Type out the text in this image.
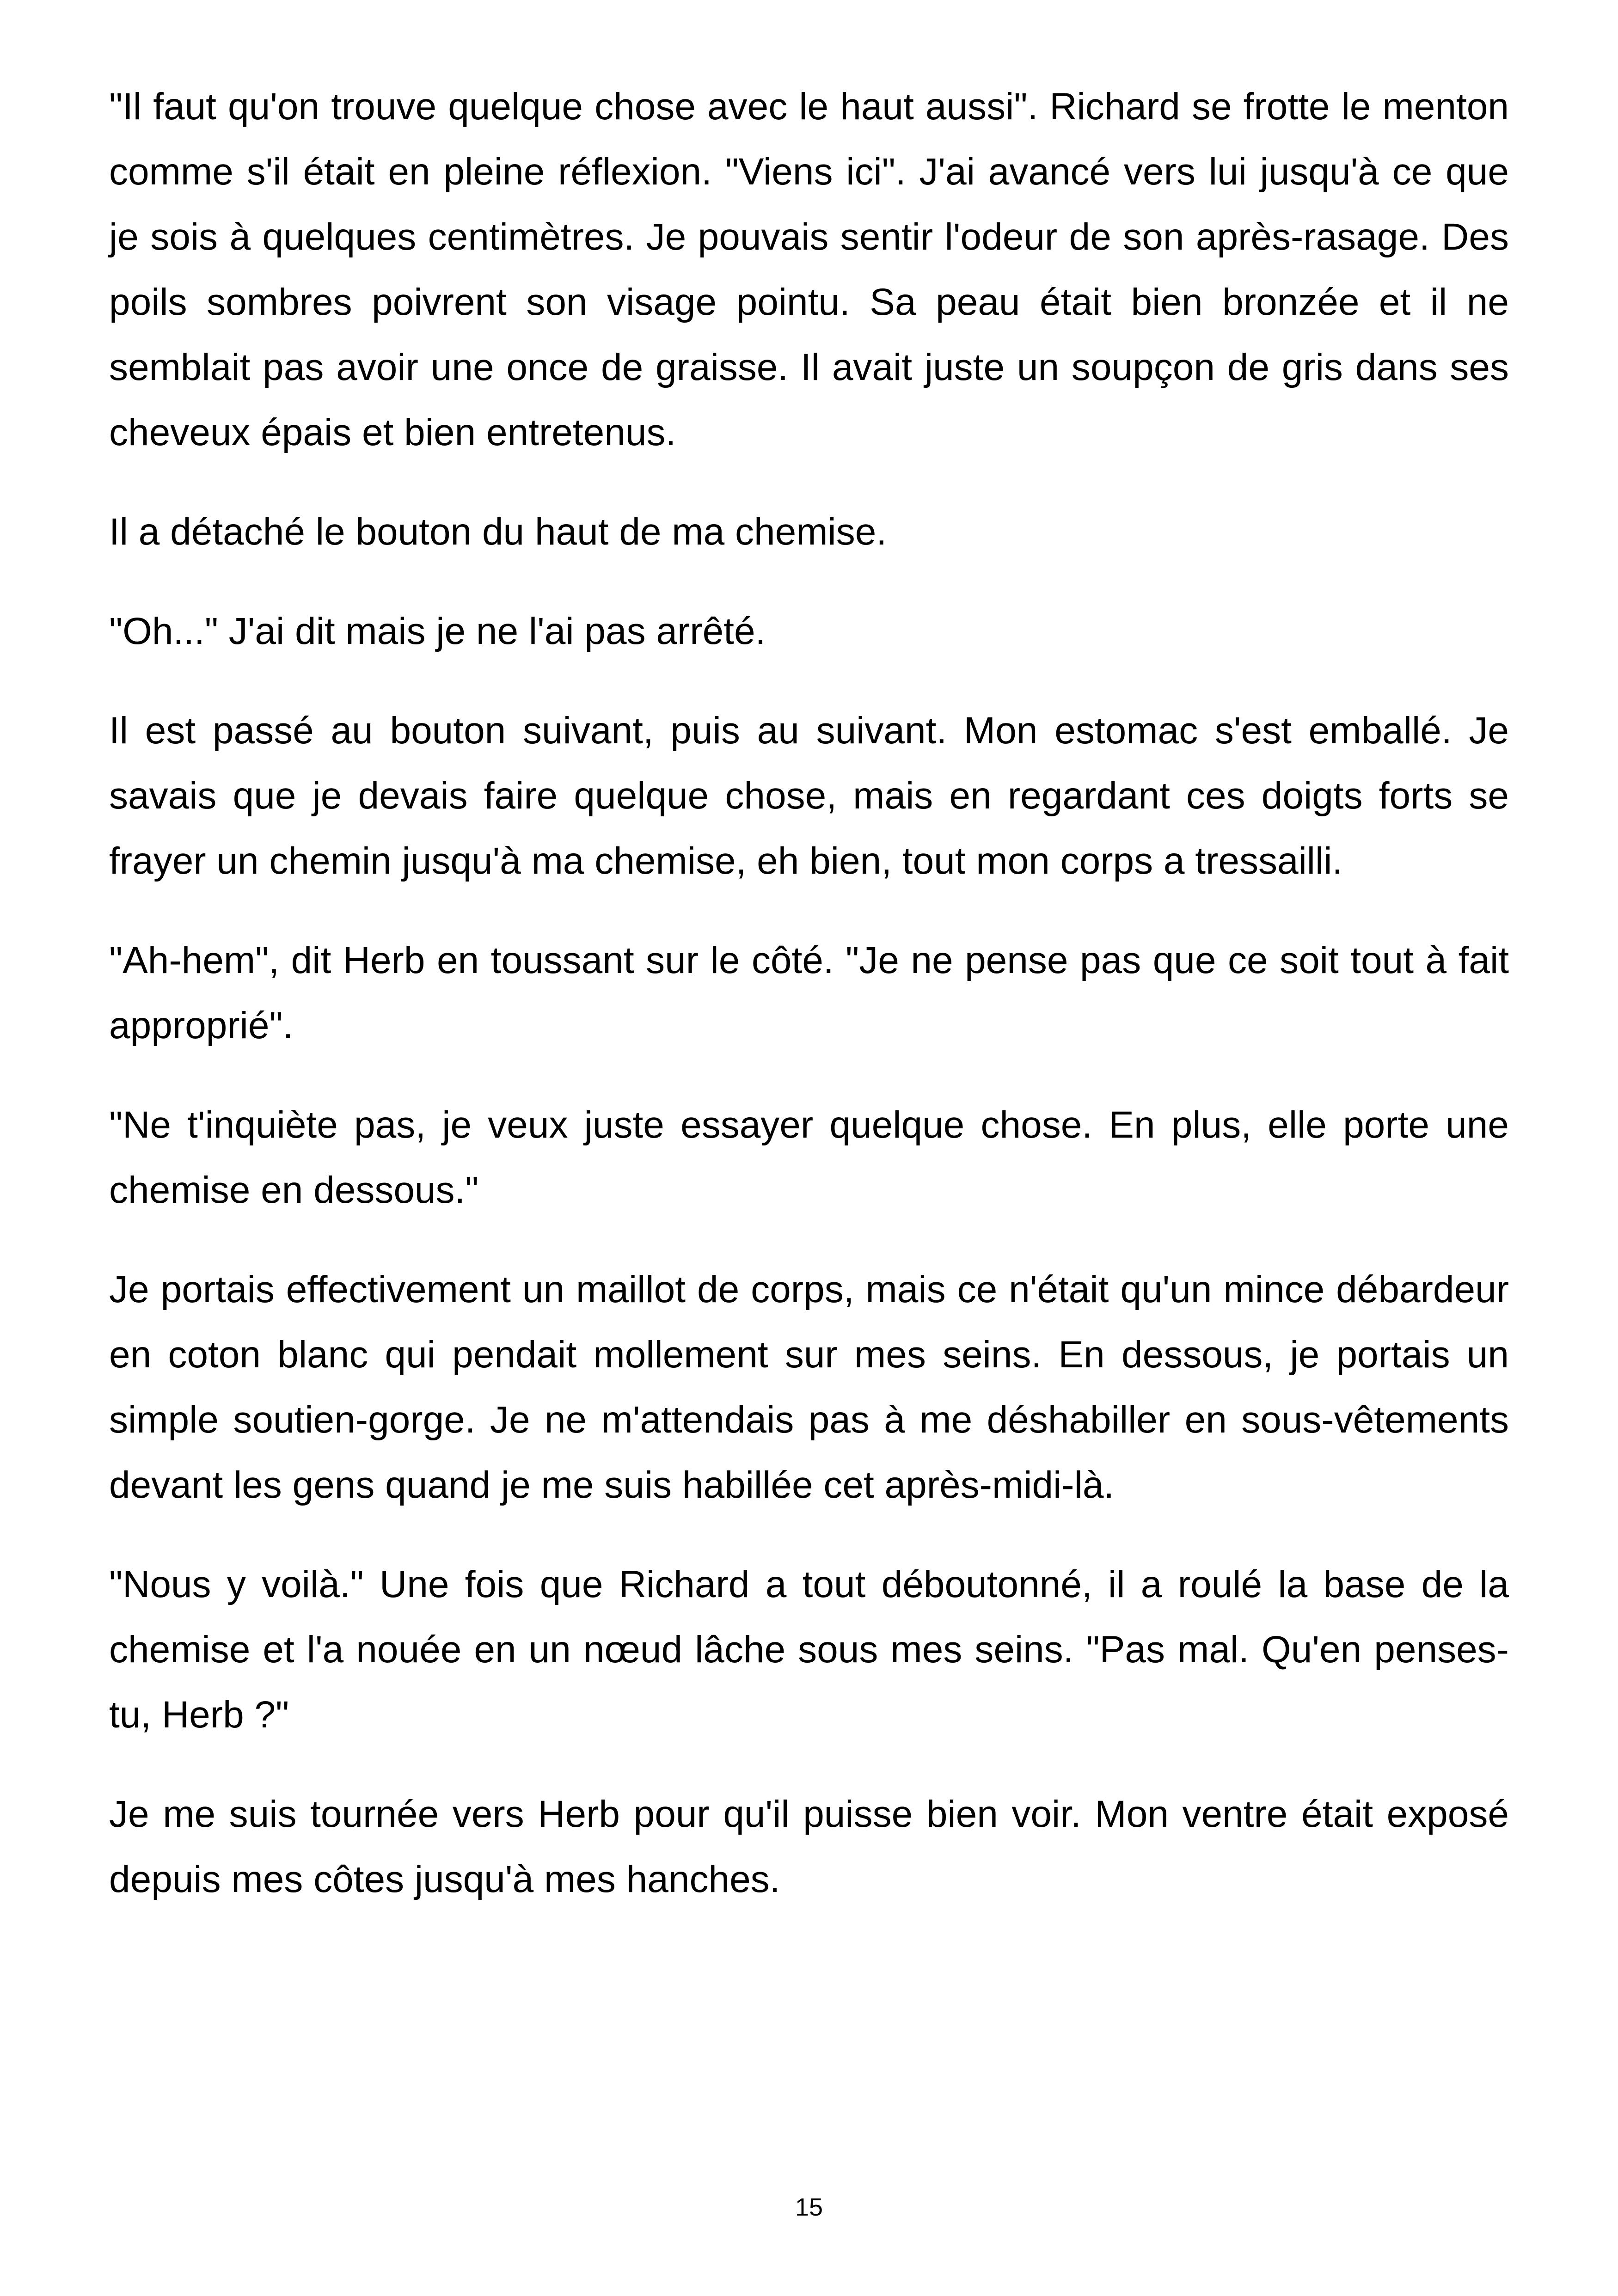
"Il faut qu'on trouve quelque chose avec le haut aussi". Richard se frotte le menton comme s'il était en pleine réflexion. "Viens ici". J'ai avancé vers lui jusqu'à ce que je sois à quelques centimètres. Je pouvais sentir l'odeur de son après-rasage. Des poils sombres poivrent son visage pointu. Sa peau était bien bronzée et il ne semblait pas avoir une once de graisse. Il avait juste un soupçon de gris dans ses cheveux épais et bien entretenus.

Il a détaché le bouton du haut de ma chemise.

"Oh..." J'ai dit mais je ne l'ai pas arrêté.

Il est passé au bouton suivant, puis au suivant. Mon estomac s'est emballé. Je savais que je devais faire quelque chose, mais en regardant ces doigts forts se frayer un chemin jusqu'à ma chemise, eh bien, tout mon corps a tressailli.

"Ah-hem", dit Herb en toussant sur le côté. "Je ne pense pas que ce soit tout à fait approprié".

"Ne t'inquiète pas, je veux juste essayer quelque chose. En plus, elle porte une chemise en dessous."

Je portais effectivement un maillot de corps, mais ce n'était qu'un mince débardeur en coton blanc qui pendait mollement sur mes seins. En dessous, je portais un simple soutien-gorge. Je ne m'attendais pas à me déshabiller en sous-vêtements devant les gens quand je me suis habillée cet après-midi-là.

"Nous y voilà." Une fois que Richard a tout déboutonné, il a roulé la base de la chemise et l'a nouée en un nœud lâche sous mes seins. "Pas mal. Qu'en penses-tu, Herb ?"

Je me suis tournée vers Herb pour qu'il puisse bien voir. Mon ventre était exposé depuis mes côtes jusqu'à mes hanches.

15
